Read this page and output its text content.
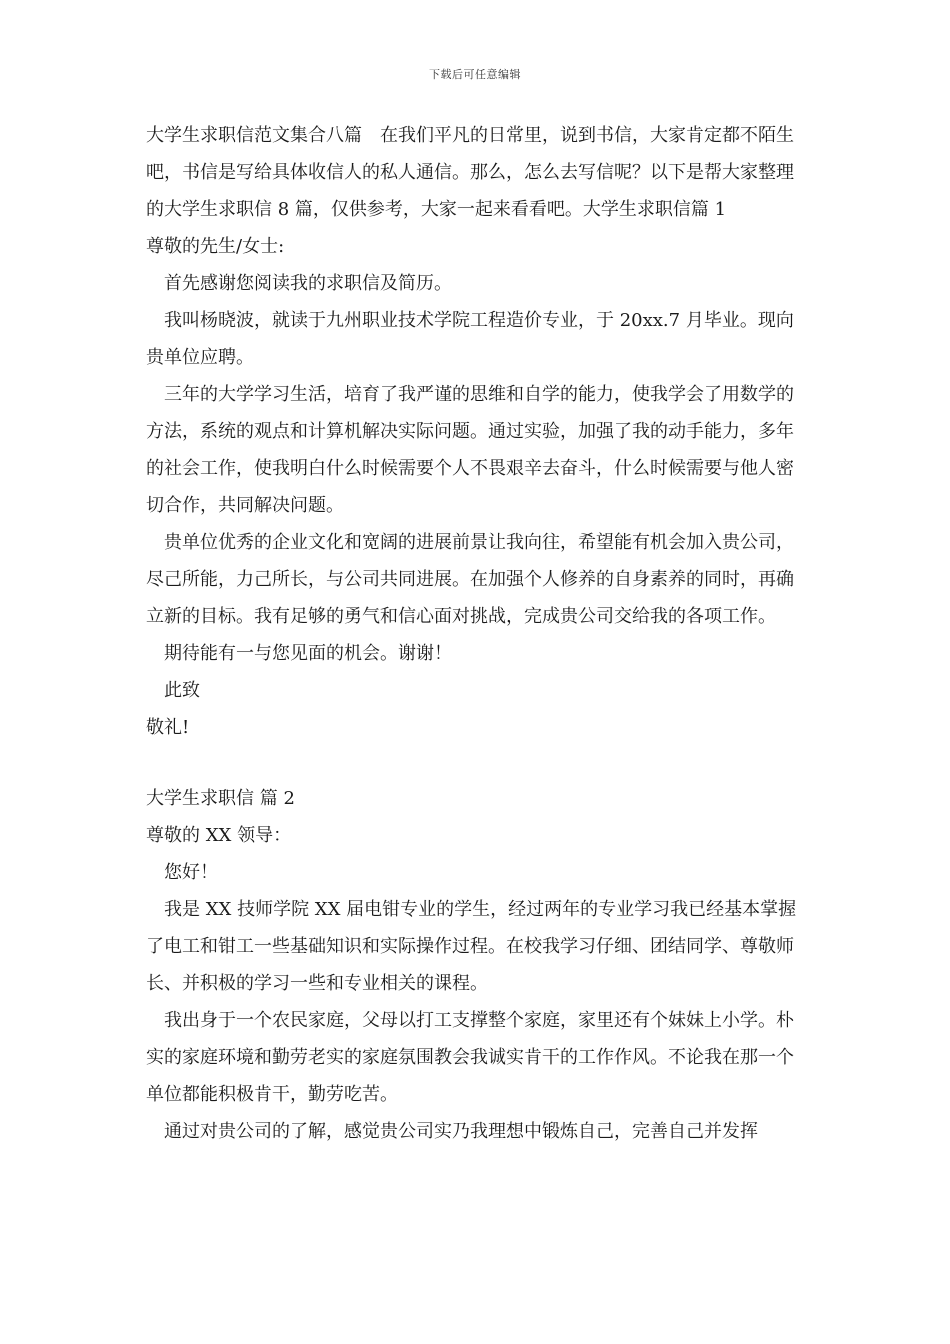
下载后可任意编辑

大学生求职信范文集合八篇　在我们平凡的日常里，说到书信，大家肯定都不陌生吧，书信是写给具体收信人的私人通信。那么，怎么去写信呢？以下是帮大家整理的大学生求职信 8 篇，仅供参考，大家一起来看看吧。大学生求职信篇 1

尊敬的先生/女士:

首先感谢您阅读我的求职信及简历。

我叫杨晓波，就读于九州职业技术学院工程造价专业，于 20xx.7 月毕业。现向贵单位应聘。

三年的大学学习生活，培育了我严谨的思维和自学的能力，使我学会了用数学的方法，系统的观点和计算机解决实际问题。通过实验，加强了我的动手能力，多年的社会工作，使我明白什么时候需要个人不畏艰辛去奋斗，什么时候需要与他人密切合作，共同解决问题。

贵单位优秀的企业文化和宽阔的进展前景让我向往，希望能有机会加入贵公司，尽己所能，力己所长，与公司共同进展。在加强个人修养的自身素养的同时，再确立新的目标。我有足够的勇气和信心面对挑战，完成贵公司交给我的各项工作。

期待能有一与您见面的机会。谢谢！

此致

敬礼!

大学生求职信 篇 2

尊敬的 XX 领导：

您好！

我是 XX 技师学院 XX 届电钳专业的学生，经过两年的专业学习我已经基本掌握了电工和钳工一些基础知识和实际操作过程。在校我学习仔细、团结同学、尊敬师长、并积极的学习一些和专业相关的课程。

我出身于一个农民家庭，父母以打工支撑整个家庭，家里还有个妹妹上小学。朴实的家庭环境和勤劳老实的家庭氛围教会我诚实肯干的工作作风。不论我在那一个单位都能积极肯干，勤劳吃苦。

通过对贵公司的了解，感觉贵公司实乃我理想中锻炼自己，完善自己并发挥
